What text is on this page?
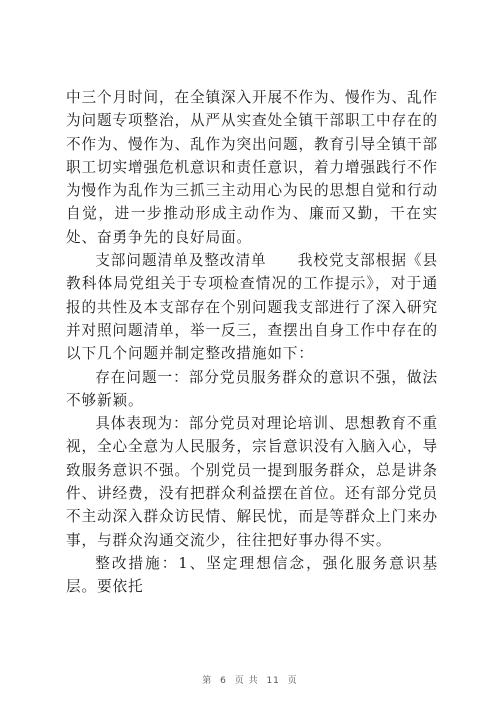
中三个月时间，在全镇深入开展不作为、慢作为、乱作为问题专项整治，从严从实查处全镇干部职工中存在的不作为、慢作为、乱作为突出问题，教育引导全镇干部职工切实增强危机意识和责任意识，着力增强践行不作为慢作为乱作为三抓三主动用心为民的思想自觉和行动自觉，进一步推动形成主动作为、廉而又勤，干在实处、奋勇争先的良好局面。

支部问题清单及整改清单　　我校党支部根据《县教科体局党组关于专项检查情况的工作提示》，对于通报的共性及本支部存在个别问题我支部进行了深入研究并对照问题清单，举一反三，查摆出自身工作中存在的以下几个问题并制定整改措施如下：

存在问题一：部分党员服务群众的意识不强，做法不够新颖。

具体表现为：部分党员对理论培训、思想教育不重视，全心全意为人民服务，宗旨意识没有入脑入心，导致服务意识不强。个别党员一提到服务群众，总是讲条件、讲经费，没有把群众利益摆在首位。还有部分党员不主动深入群众访民情、解民忧，而是等群众上门来办事，与群众沟通交流少，往往把好事办得不实。

整改措施：1、坚定理想信念，强化服务意识基层。要依托

第 6 页 共 11 页
